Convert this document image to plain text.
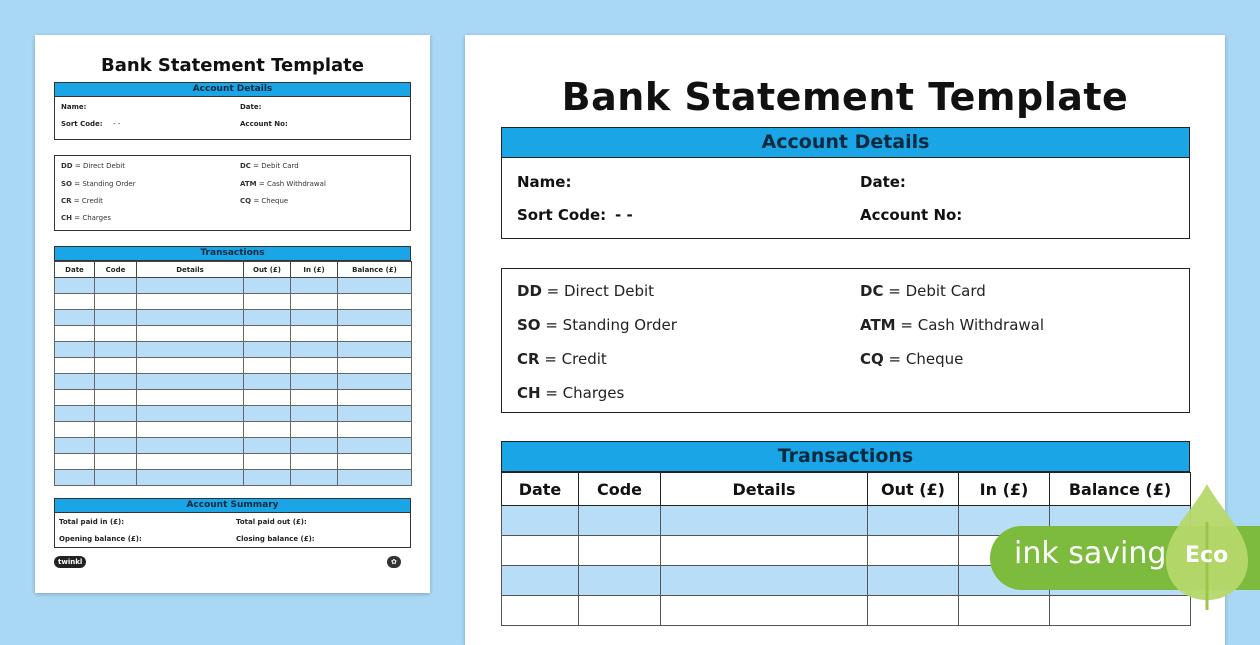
Bank Statement Template
Account Details
Name:	Date:
Sort Code: - -	Account No:
DD = Direct Debit	DC = Debit Card
SO = Standing Order	ATM = Cash Withdrawal
CR = Credit	CQ = Cheque
CH = Charges
Transactions
Date	Code	Details	Out (£)	In (£)	Balance (£)

Account Summary
Total paid in (£):	Total paid out (£):
Opening balance (£):	Closing balance (£):
twinkl	✿
Bank Statement Template
Account Details
Name:	Date:
Sort Code: - -	Account No:
DD = Direct Debit	DC = Debit Card
SO = Standing Order	ATM = Cash Withdrawal
CR = Credit	CQ = Cheque
CH = Charges
Transactions
Date	Code	Details	Out (£)	In (£)	Balance (£)

ink saving Eco
